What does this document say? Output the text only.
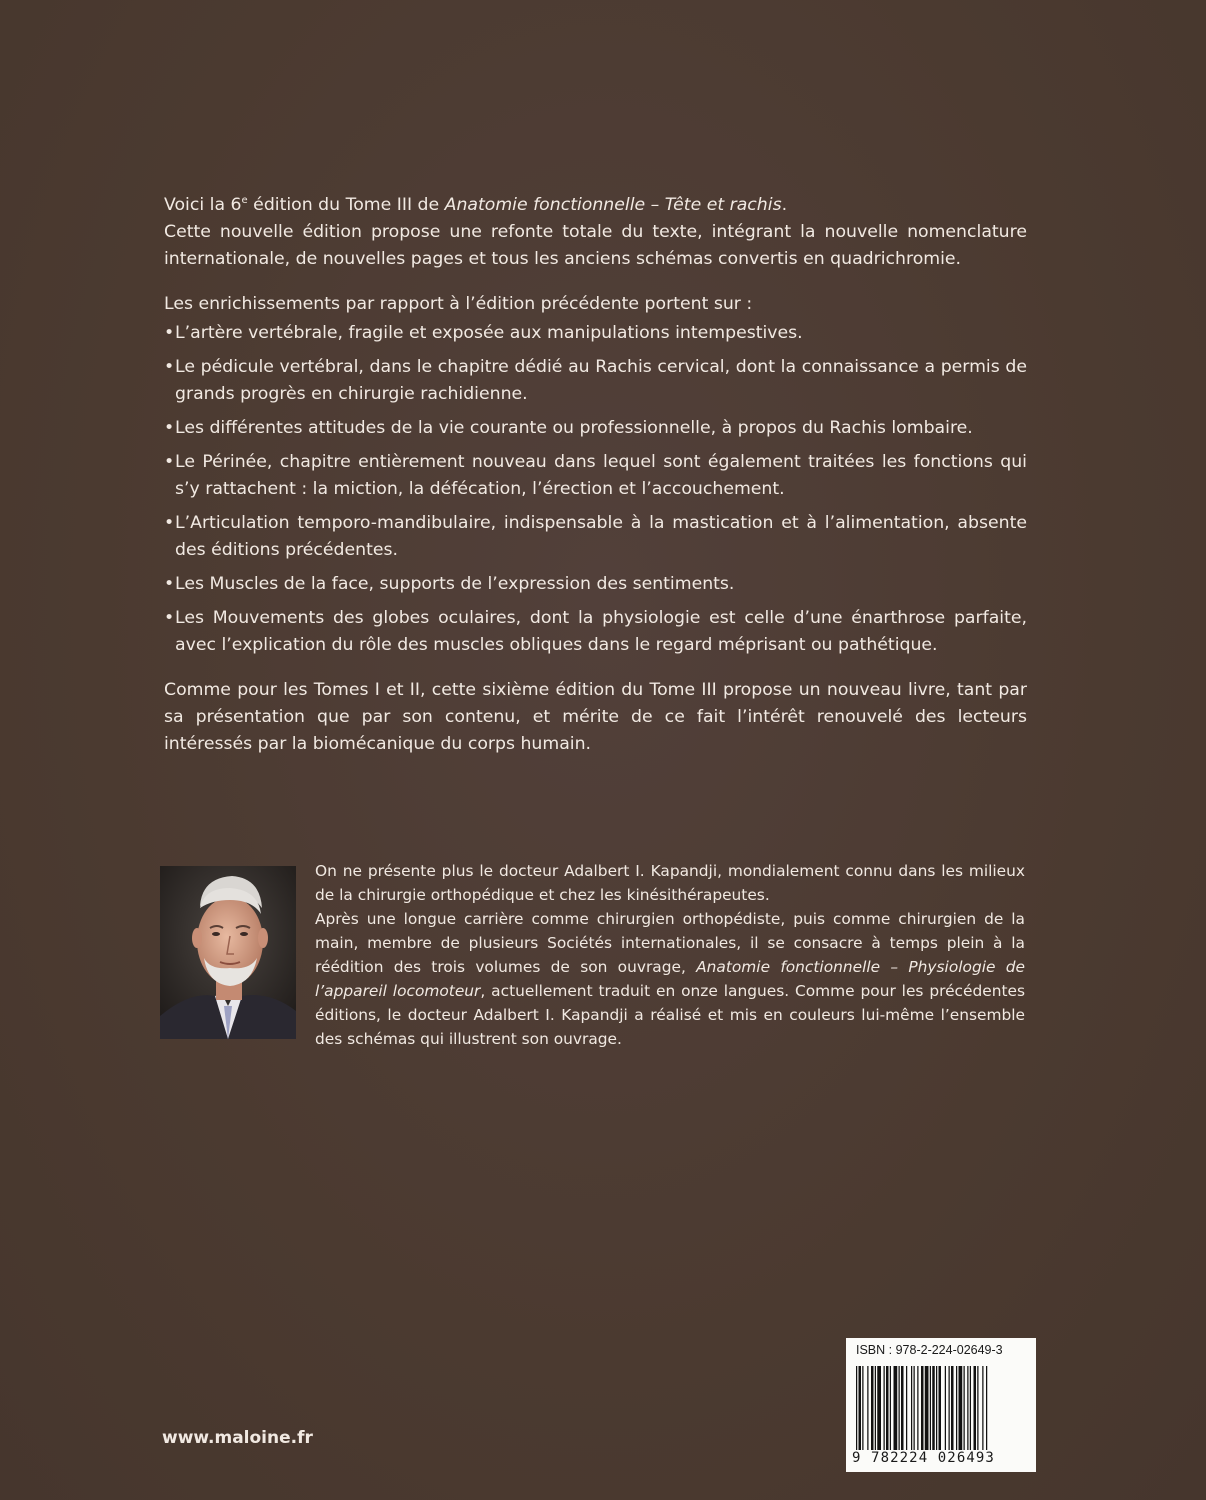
Voici la 6e édition du Tome III de Anatomie fonctionnelle – Tête et rachis.

Cette nouvelle édition propose une refonte totale du texte, intégrant la nouvelle nomenclature internationale, de nouvelles pages et tous les anciens schémas convertis en quadrichromie.

Les enrichissements par rapport à l’édition précédente portent sur :

• L’artère vertébrale, fragile et exposée aux manipulations intempestives.
• Le pédicule vertébral, dans le chapitre dédié au Rachis cervical, dont la connaissance a permis de grands progrès en chirurgie rachidienne.
• Les différentes attitudes de la vie courante ou professionnelle, à propos du Rachis lombaire.
• Le Périnée, chapitre entièrement nouveau dans lequel sont également traitées les fonctions qui s’y rattachent : la miction, la défécation, l’érection et l’accouchement.
• L’Articulation temporo-mandibulaire, indispensable à la mastication et à l’alimentation, absente des éditions précédentes.
• Les Muscles de la face, supports de l’expression des sentiments.
• Les Mouvements des globes oculaires, dont la physiologie est celle d’une énarthrose parfaite, avec l’explication du rôle des muscles obliques dans le regard méprisant ou pathétique.

Comme pour les Tomes I et II, cette sixième édition du Tome III propose un nouveau livre, tant par sa présentation que par son contenu, et mérite de ce fait l’intérêt renouvelé des lecteurs intéressés par la biomécanique du corps humain.

On ne présente plus le docteur Adalbert I. Kapandji, mondialement connu dans les milieux de la chirurgie orthopédique et chez les kinésithérapeutes.

Après une longue carrière comme chirurgien orthopédiste, puis comme chirurgien de la main, membre de plusieurs Sociétés internationales, il se consacre à temps plein à la réédition des trois volumes de son ouvrage, Anatomie fonctionnelle – Physiologie de l’appareil locomoteur, actuellement traduit en onze langues. Comme pour les précédentes éditions, le docteur Adalbert I. Kapandji a réalisé et mis en couleurs lui-même l’ensemble des schémas qui illustrent son ouvrage.

ISBN : 978-2-224-02649-3
9 782224 026493
www.maloine.fr
